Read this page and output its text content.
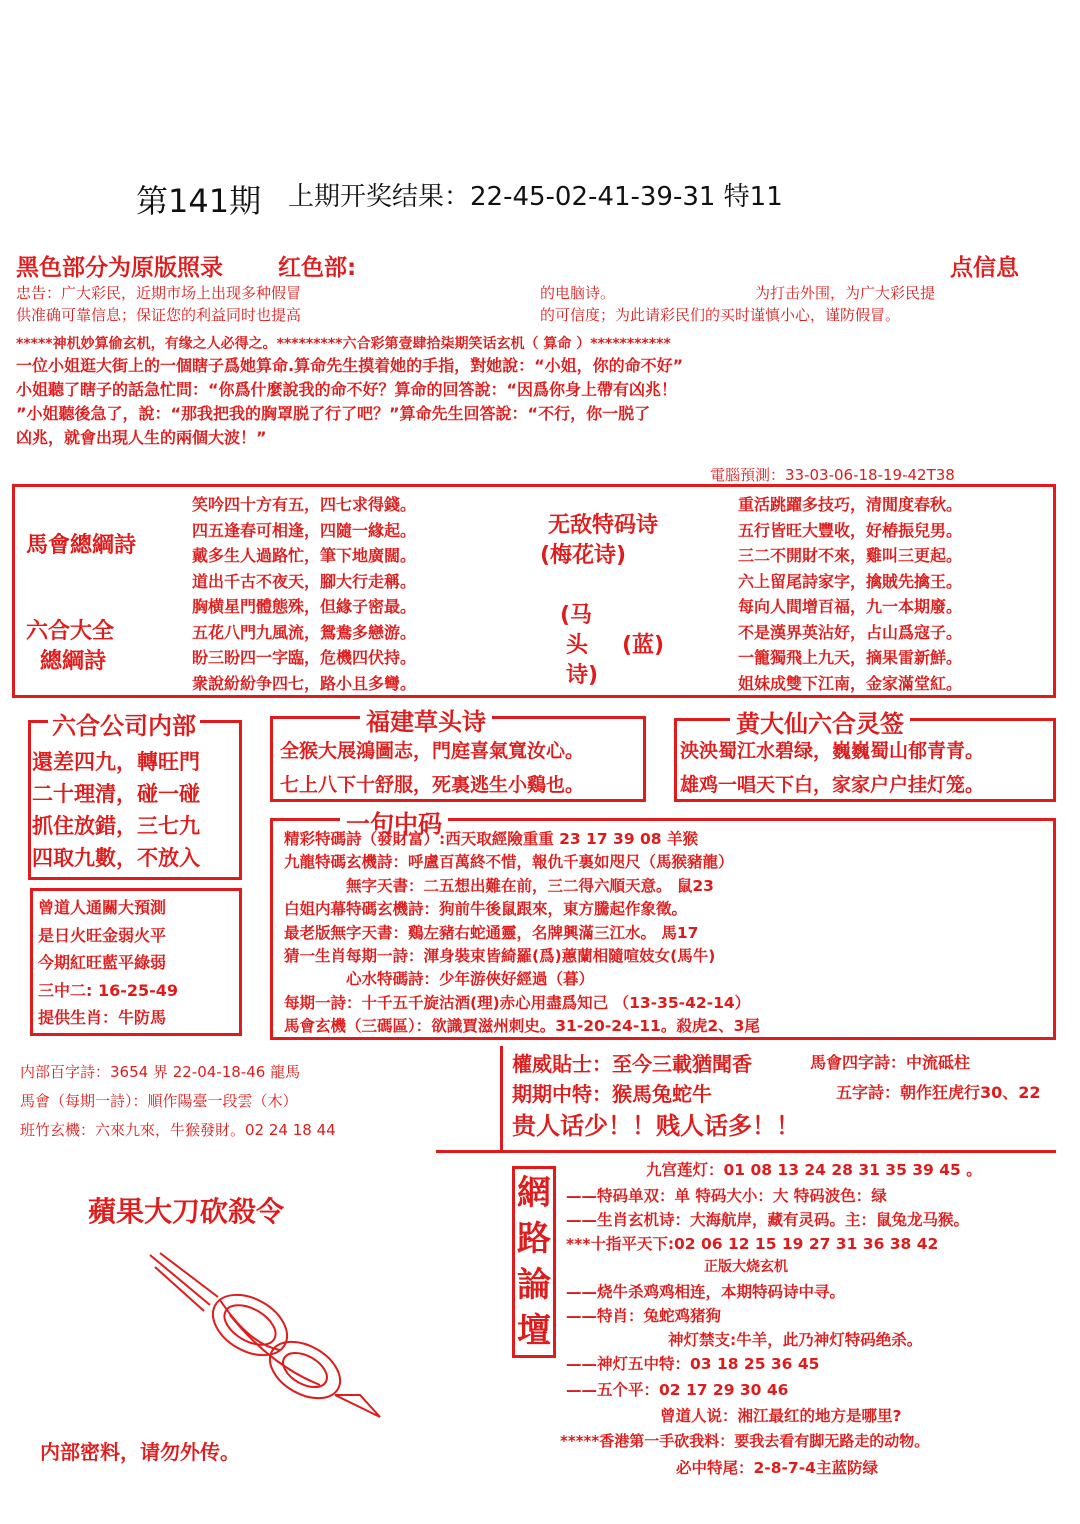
第141期 上期开奖结果：22-45-02-41-39-31 特11
黑色部分为原版照录 红色部:	点信息
忠告：广大彩民，近期市场上出现多种假冒	的电脑诗。	为打击外围，为广大彩民提
供准确可靠信息；保证您的利益同时也提高	的可信度；为此请彩民们的买时谨慎小心，谨防假冒。
*****神机妙算偷玄机，有缘之人必得之。*********六合彩第壹肆拾柒期笑话玄机（ 算命 ）***********
一位小姐逛大街上的一個瞎子爲她算命.算命先生摸着她的手指，對她說：“小姐，你的命不好”
小姐聽了瞎子的話急忙問：“你爲什麼說我的命不好？算命的回答說：“因爲你身上帶有凶兆！
”小姐聽後急了，說：“那我把我的胸罩脱了行了吧？”算命先生回答說：“不行，你一脱了
凶兆，就會出現人生的兩個大波！”
電腦預測：33-03-06-18-19-42T38
馬會總綱詩
六合大全
總綱詩
笑吟四十方有五，四七求得錢。
四五逢春可相逢，四隨一緣起。
戴多生人過路忙，筆下地廣闊。
道出千古不夜天，腳大行走稱。
胸横星門體態殊，但緣子密最。
五花八門九風流，鴛鴦多戀游。
盼三盼四一字臨，危機四伏持。
衆說紛紛争四七，路小且多彎。
无敌特码诗
(梅花诗)
(马
头 (蓝)
诗)
重活跳躍多技巧，清閒度春秋。
五行皆旺大豐收，好椿振兒男。
三二不開財不來，雞叫三更起。
六上留尾詩家字，擒賊先擒王。
每向人間增百福，九一本期廢。
不是漢界英沾好，占山爲寇子。
一籠獨飛上九天，摘果雷新鮮。
姐妹成雙下江南，金家滿堂紅。
六合公司内部
還差四九，轉旺門
二十理清，碰一碰
抓住放錯，三七九
四取九數，不放入
福建草头诗
全猴大展鴻圖志，門庭喜氣寬汝心。
七上八下十舒服，死裏逃生小鷄也。
黄大仙六合灵签
泱泱蜀江水碧绿，巍巍蜀山郁青青。
雄鸡一唱天下白，家家户户挂灯笼。
一句中码
精彩特碼詩（發財富）:西天取經險重重 23 17 39 08 羊猴
九龍特碼玄機詩：呼盧百萬終不惜，報仇千裏如咫尺（馬猴豬龍）
無字天書：二五想出難在前，三二得六順天意。 鼠23
白姐内幕特碼玄機詩：狗前牛後鼠跟來，東方騰起作象徵。
最老版無字天書：鷄左豬右蛇通靈，名牌興滿三江水。 馬17
猜一生肖每期一詩：渾身裝束皆綺羅(爲)蕙蘭相隨喧妓女(馬牛)
心水特碼詩：少年游俠好經過（暮）
每期一詩：十千五千旋沽酒(理)赤心用盡爲知己 （13-35-42-14）
馬會玄機（三碼區）：欲識賈滋州刺史。31-20-24-11。殺虎2、3尾
曾道人通關大預測
是日火旺金弱火平
今期紅旺藍平綠弱
三中二: 16-25-49
提供生肖：牛防馬
内部百字詩：3654 界 22-04-18-46 龍馬
馬會（每期一詩）：順作陽臺一段雲（木）
班竹玄機：六來九來，牛猴發財。02 24 18 44
權威貼士：至今三載猶聞香	馬會四字詩：中流砥柱
期期中特：猴馬兔蛇牛	五字詩：朝作狂虎行30、22
贵人话少！！贱人话多！！
蘋果大刀砍殺令
内部密料，请勿外传。
網
路
論
壇
九宫莲灯：01 08 13 24 28 31 35 39 45 。
——特码单双：单 特码大小：大 特码波色：绿
——生肖玄机诗：大海航岸，藏有灵码。主：鼠兔龙马猴。
***十指平天下:02 06 12 15 19 27 31 36 38 42
正版大烧玄机
——烧牛杀鸡鸡相连，本期特码诗中寻。
——特肖：兔蛇鸡猪狗
神灯禁支:牛羊，此乃神灯特码绝杀。
——神灯五中特：03 18 25 36 45
——五个平：02 17 29 30 46
曾道人说：湘江最红的地方是哪里?
*****香港第一手砍我料：要我去看有脚无路走的动物。
必中特尾：2-8-7-4主蓝防绿
